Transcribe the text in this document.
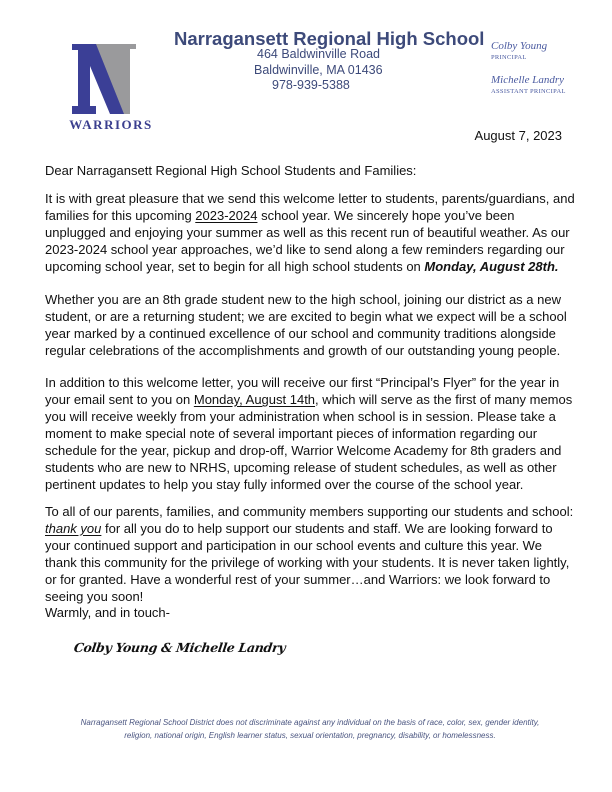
WARRIORS
Narragansett Regional High School
464 Baldwinville Road
Baldwinville, MA 01436
978-939-5388
Colby Young
PRINCIPAL
Michelle Landry
ASSISTANT PRINCIPAL
August 7, 2023
Dear Narragansett Regional High School Students and Families:
It is with great pleasure that we send this welcome letter to students, parents/guardians, and families for this upcoming 2023-2024 school year. We sincerely hope you’ve been unplugged and enjoying your summer as well as this recent run of beautiful weather. As our 2023-2024 school year approaches, we’d like to send along a few reminders regarding our upcoming school year, set to begin for all high school students on Monday, August 28th.
Whether you are an 8th grade student new to the high school, joining our district as a new student, or are a returning student; we are excited to begin what we expect will be a school year marked by a continued excellence of our school and community traditions alongside regular celebrations of the accomplishments and growth of our outstanding young people.
In addition to this welcome letter, you will receive our first “Principal’s Flyer” for the year in your email sent to you on Monday, August 14th, which will serve as the first of many memos you will receive weekly from your administration when school is in session. Please take a moment to make special note of several important pieces of information regarding our schedule for the year, pickup and drop-off, Warrior Welcome Academy for 8th graders and students who are new to NRHS, upcoming release of student schedules, as well as other pertinent updates to help you stay fully informed over the course of the school year.
To all of our parents, families, and community members supporting our students and school: thank you for all you do to help support our students and staff. We are looking forward to your continued support and participation in our school events and culture this year. We thank this community for the privilege of working with your students. It is never taken lightly, or for granted. Have a wonderful rest of your summer…and Warriors: we look forward to seeing you soon!
Warmly, and in touch-
Colby Young & Michelle Landry
Narragansett Regional School District does not discriminate against any individual on the basis of race, color, sex, gender identity,
religion, national origin, English learner status, sexual orientation, pregnancy, disability, or homelessness.
